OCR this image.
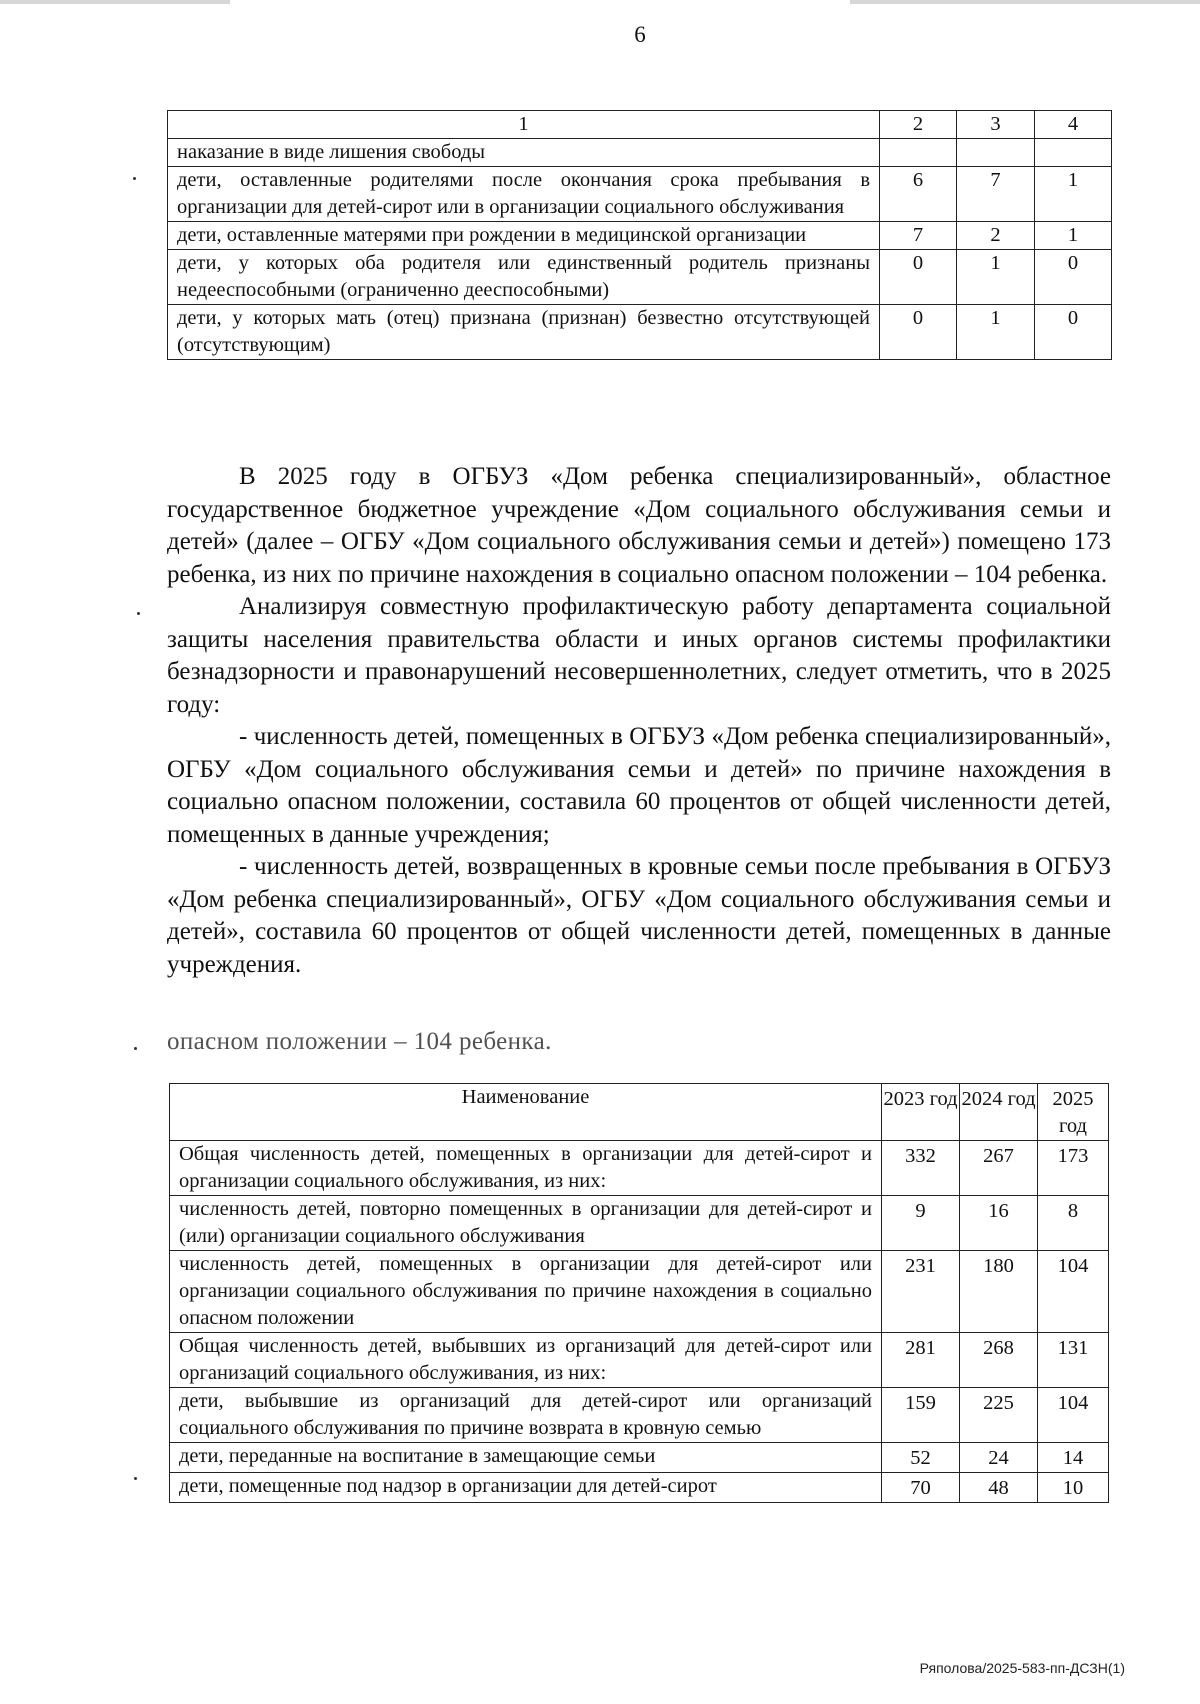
6
1	2	3	4
наказание в виде лишения свободы			
дети, оставленные родителями после окончания срока пребывания в организации для детей-сирот или в организации социального обслуживания	6	7	1
дети, оставленные матерями при рождении в медицинской организации	7	2	1
дети, у которых оба родителя или единственный родитель признаны недееспособными (ограниченно дееспособными)	0	1	0
дети, у которых мать (отец) признана (признан) безвестно отсутствующей (отсутствующим)	0	1	0

В 2025 году в ОГБУЗ «Дом ребенка специализированный», областное государственное бюджетное учреждение «Дом социального обслуживания семьи и детей» (далее – ОГБУ «Дом социального обслуживания семьи и детей») помещено 173 ребенка, из них по причине нахождения в социально опасном положении – 104 ребенка.

Анализируя совместную профилактическую работу департамента социальной защиты населения правительства области и иных органов системы профилактики безнадзорности и правонарушений несовершеннолетних, следует отметить, что в 2025 году:

- численность детей, помещенных в ОГБУЗ «Дом ребенка специализированный», ОГБУ «Дом социального обслуживания семьи и детей» по причине нахождения в социально опасном положении, составила 60 процентов от общей численности детей, помещенных в данные учреждения;

- численность детей, возвращенных в кровные семьи после пребывания в ОГБУЗ «Дом ребенка специализированный», ОГБУ «Дом социального обслуживания семьи и детей», составила 60 процентов от общей численности детей, помещенных в данные учреждения.

опасном положении – 104 ребенка.
Наименование	2023 год	2024 год	2025 год
Общая численность детей, помещенных в организации для детей-сирот и организации социального обслуживания, из них:	332	267	173
численность детей, повторно помещенных в организации для детей-сирот и (или) организации социального обслуживания	9	16	8
численность детей, помещенных в организации для детей-сирот или организации социального обслуживания по причине нахождения в социально опасном положении	231	180	104
Общая численность детей, выбывших из организаций для детей-сирот или организаций социального обслуживания, из них:	281	268	131
дети, выбывшие из организаций для детей-сирот или организаций социального обслуживания по причине возврата в кровную семью	159	225	104
дети, переданные на воспитание в замещающие семьи	52	24	14
дети, помещенные под надзор в организации для детей-сирот	70	48	10
Ряполова/2025-583-пп-ДСЗН(1)
